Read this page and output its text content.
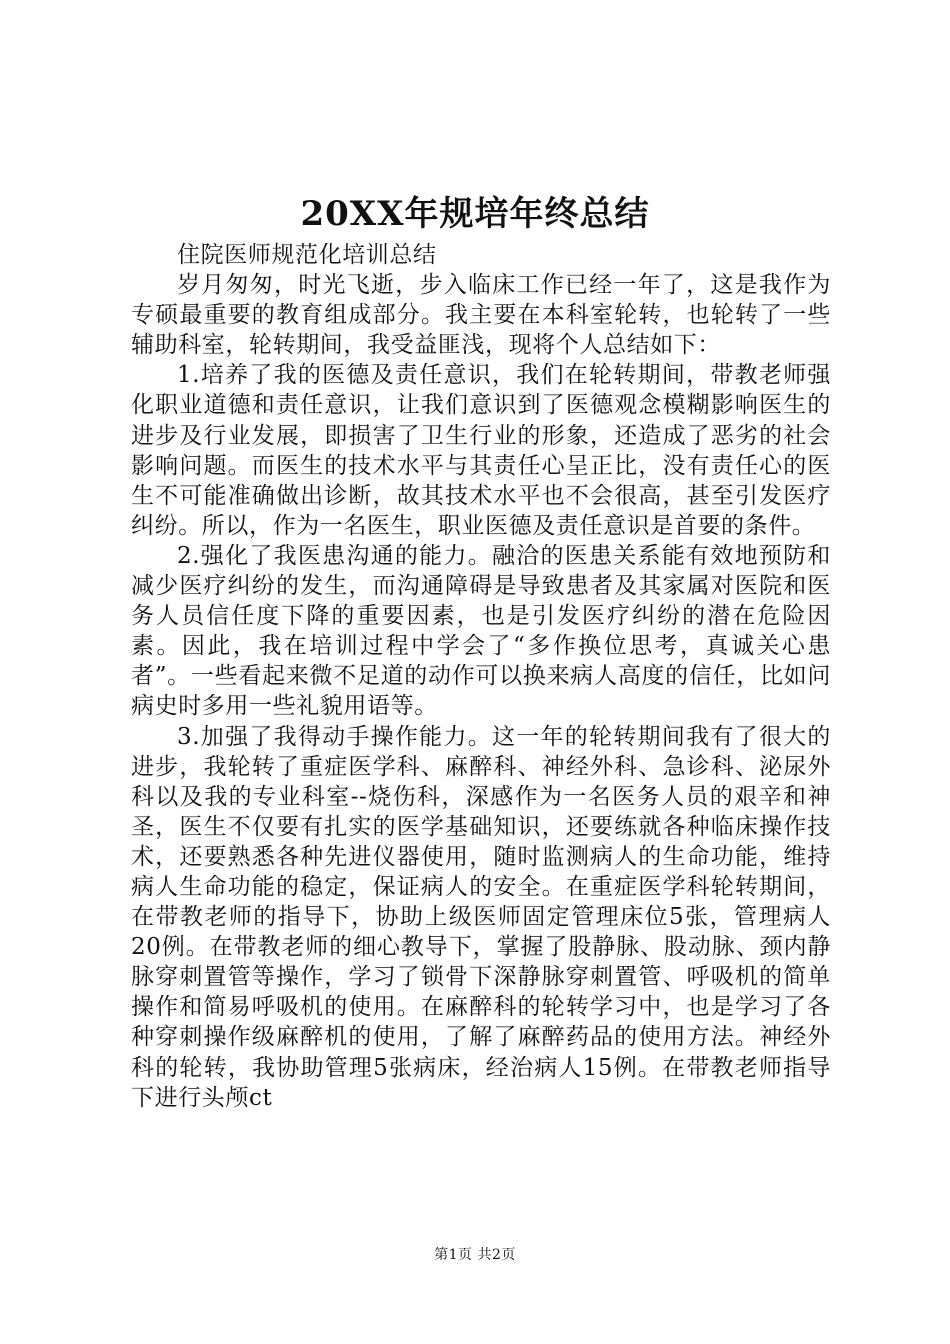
20XX年规培年终总结

住院医师规范化培训总结

岁月匆匆，时光飞逝，步入临床工作已经一年了，这是我作为专硕最重要的教育组成部分。我主要在本科室轮转，也轮转了一些辅助科室，轮转期间，我受益匪浅，现将个人总结如下：

1.培养了我的医德及责任意识，我们在轮转期间，带教老师强化职业道德和责任意识，让我们意识到了医德观念模糊影响医生的进步及行业发展，即损害了卫生行业的形象，还造成了恶劣的社会影响问题。而医生的技术水平与其责任心呈正比，没有责任心的医生不可能准确做出诊断，故其技术水平也不会很高，甚至引发医疗纠纷。所以，作为一名医生，职业医德及责任意识是首要的条件。

2.强化了我医患沟通的能力。融洽的医患关系能有效地预防和减少医疗纠纷的发生，而沟通障碍是导致患者及其家属对医院和医务人员信任度下降的重要因素，也是引发医疗纠纷的潜在危险因素。因此，我在培训过程中学会了“多作换位思考，真诚关心患者”。一些看起来微不足道的动作可以换来病人高度的信任，比如问病史时多用一些礼貌用语等。

3.加强了我得动手操作能力。这一年的轮转期间我有了很大的进步，我轮转了重症医学科、麻醉科、神经外科、急诊科、泌尿外科以及我的专业科室--烧伤科，深感作为一名医务人员的艰辛和神圣，医生不仅要有扎实的医学基础知识，还要练就各种临床操作技术，还要熟悉各种先进仪器使用，随时监测病人的生命功能，维持病人生命功能的稳定，保证病人的安全。在重症医学科轮转期间，在带教老师的指导下，协助上级医师固定管理床位5张，管理病人20例。在带教老师的细心教导下，掌握了股静脉、股动脉、颈内静脉穿刺置管等操作，学习了锁骨下深静脉穿刺置管、呼吸机的简单操作和简易呼吸机的使用。在麻醉科的轮转学习中，也是学习了各种穿刺操作级麻醉机的使用，了解了麻醉药品的使用方法。神经外科的轮转，我协助管理5张病床，经治病人15例。在带教老师指导下进行头颅ct

第1页 共2页
